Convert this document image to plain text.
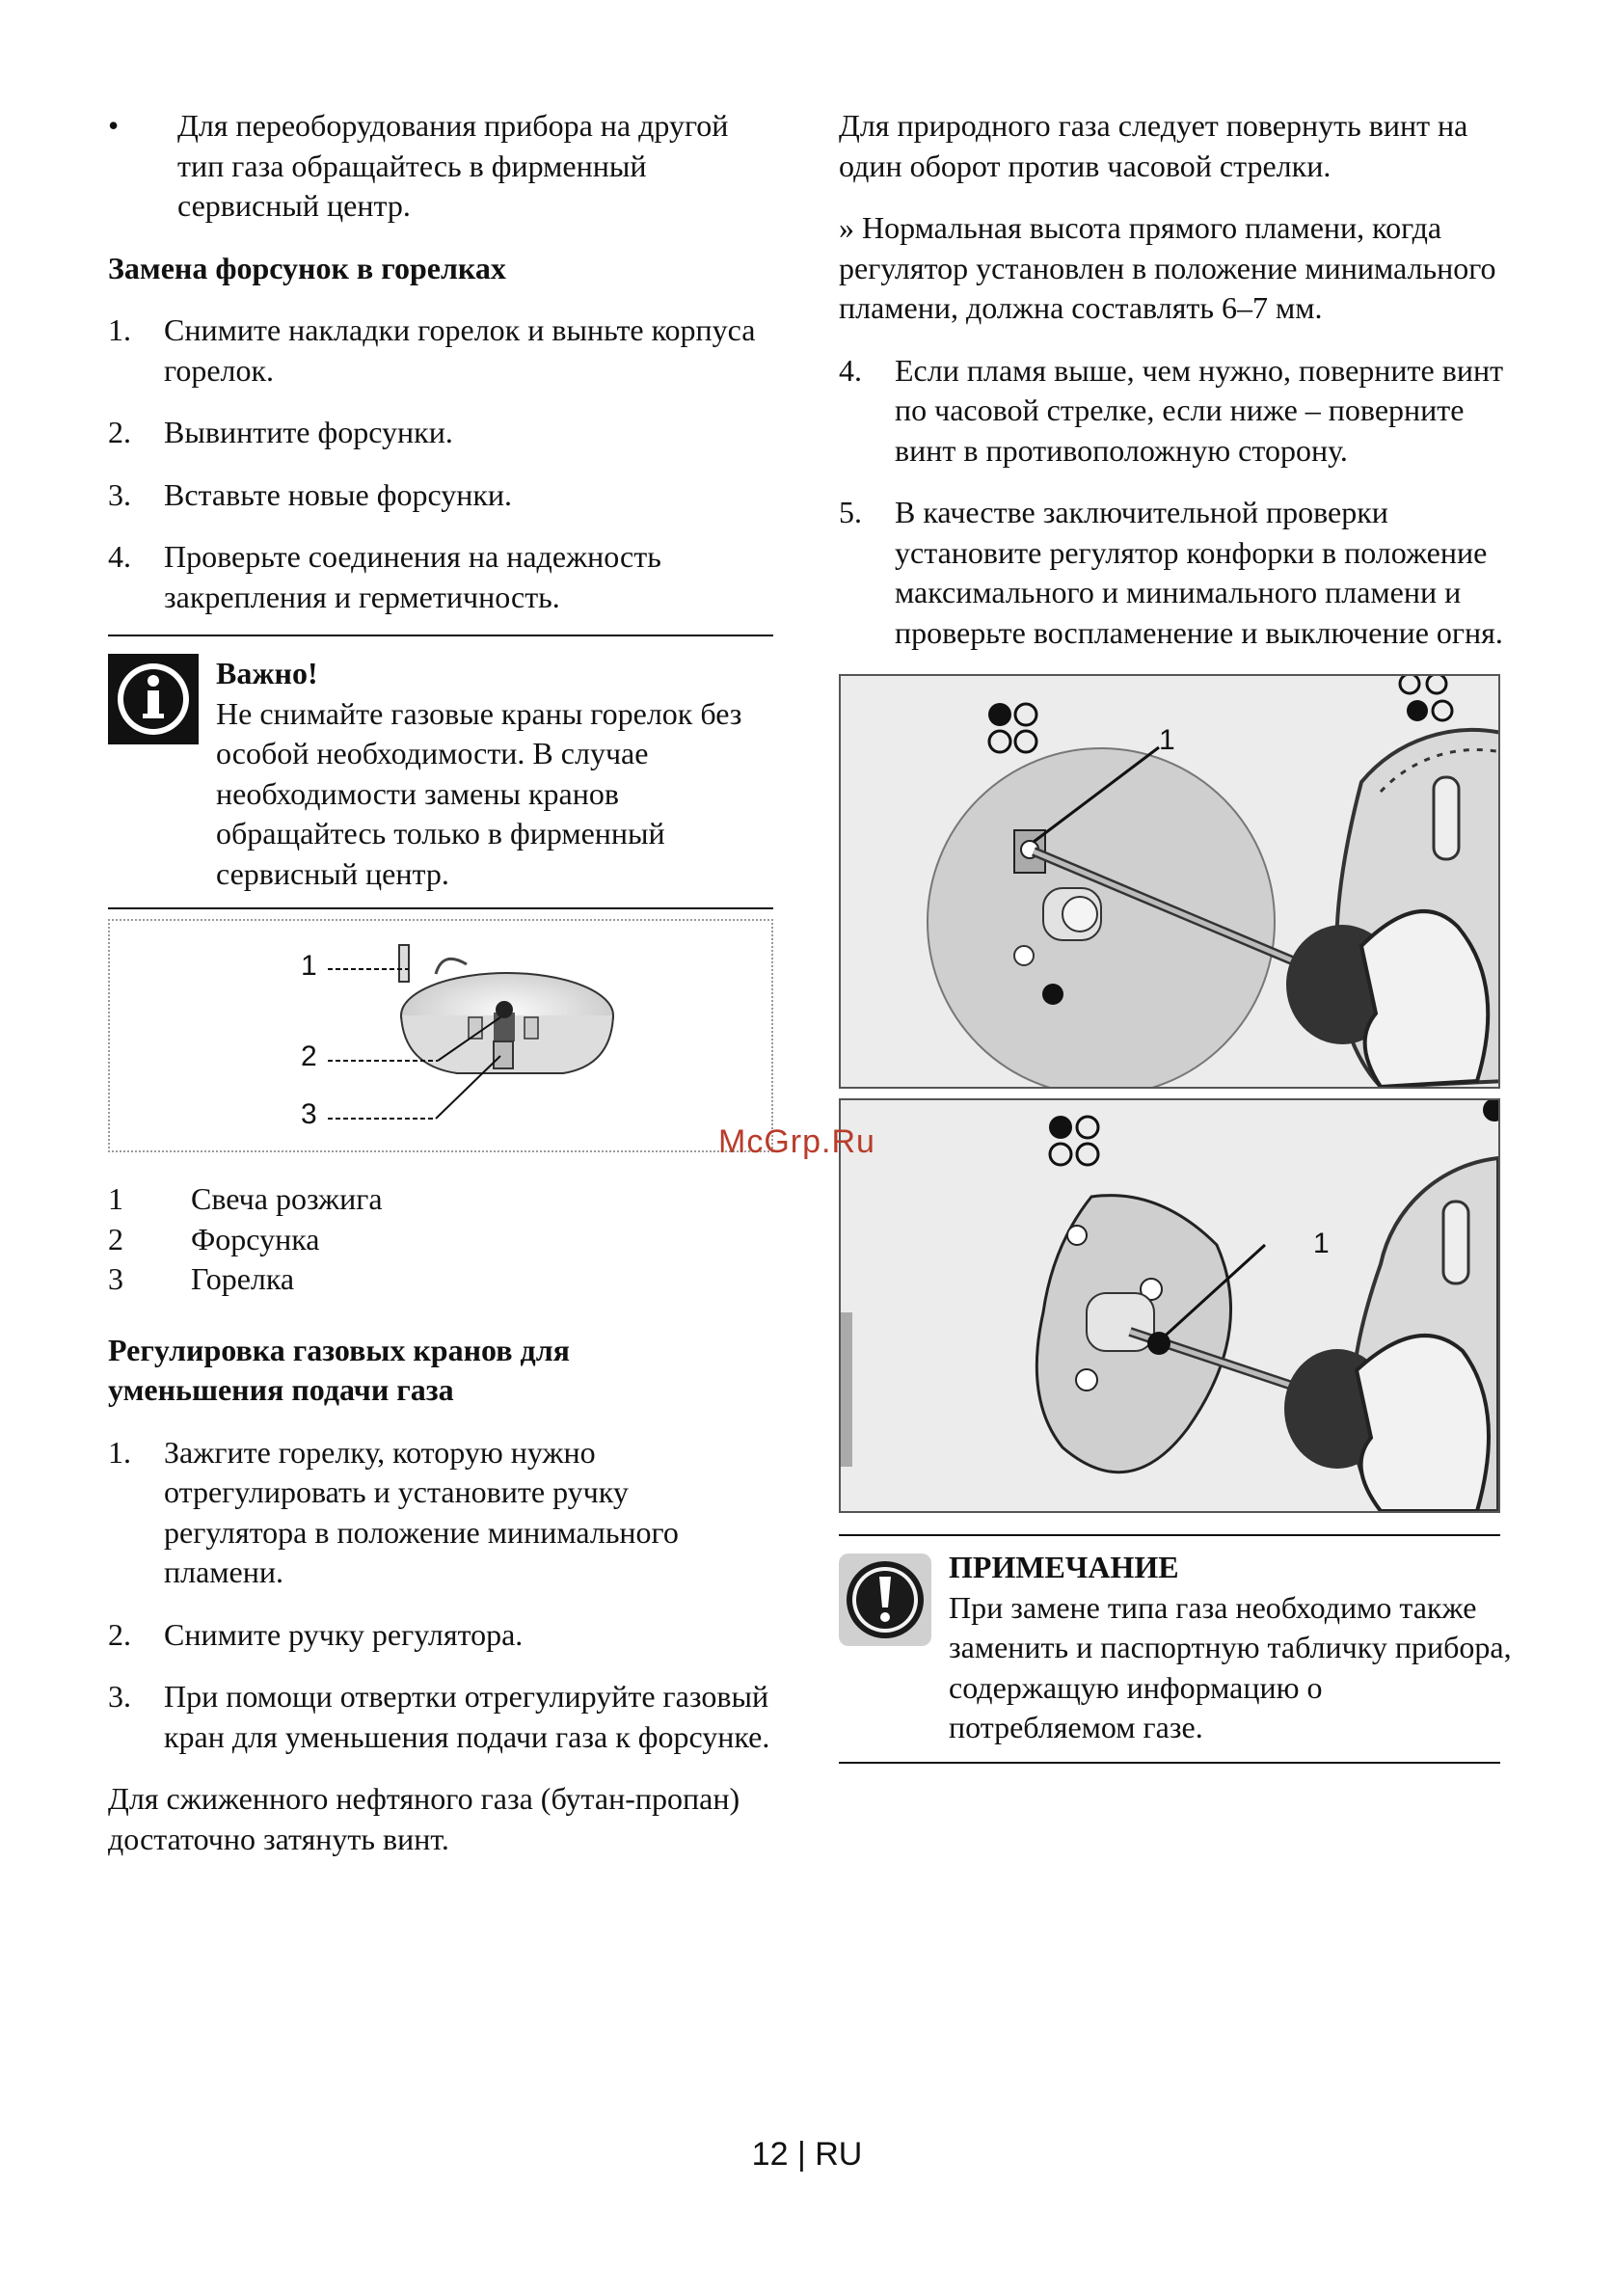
•	Для переоборудования прибора на другой тип газа обращайтесь в фирменный сервисный центр.

Замена форсунок в горелках

1.	Снимите накладки горелок и выньте корпуса горелок.

2.	Вывинтите форсунки.

3.	Вставьте новые форсунки.

4.	Проверьте соединения на надежность закрепления и герметичность.

Важно!

Не снимайте газовые краны горелок без особой необходимости. В случае необходимости замены кранов обращайтесь только в фирменный сервисный центр.

1
2
3
1	Свеча розжига
2	Форсунка
3	Горелка

Регулировка газовых кранов для уменьшения подачи газа

1.	Зажгите горелку, которую нужно отрегулировать и установите ручку регулятора в положение минимального пламени.

2.	Снимите ручку регулятора.

3.	При помощи отвертки отрегулируйте газовый кран для уменьшения подачи газа к форсунке.

Для сжиженного нефтяного газа (бутан-пропан) достаточно затянуть винт.

Для природного газа следует повернуть винт на один оборот против часовой стрелки.

» Нормальная высота прямого пламени, когда регулятор установлен в положение минимального пламени, должна составлять 6–7 мм.

4.	Если пламя выше, чем нужно, поверните винт по часовой стрелке, если ниже – поверните винт в противоположную сторону.

5.	В качестве заключительной проверки установите регулятор конфорки в положение максимального и минимального пламени и проверьте воспламенение и выключение огня.

1
1

ПРИМЕЧАНИЕ

При замене типа газа необходимо также заменить и паспортную табличку прибора, содержащую информацию о потребляемом газе.

McGrp.Ru
12 | RU
